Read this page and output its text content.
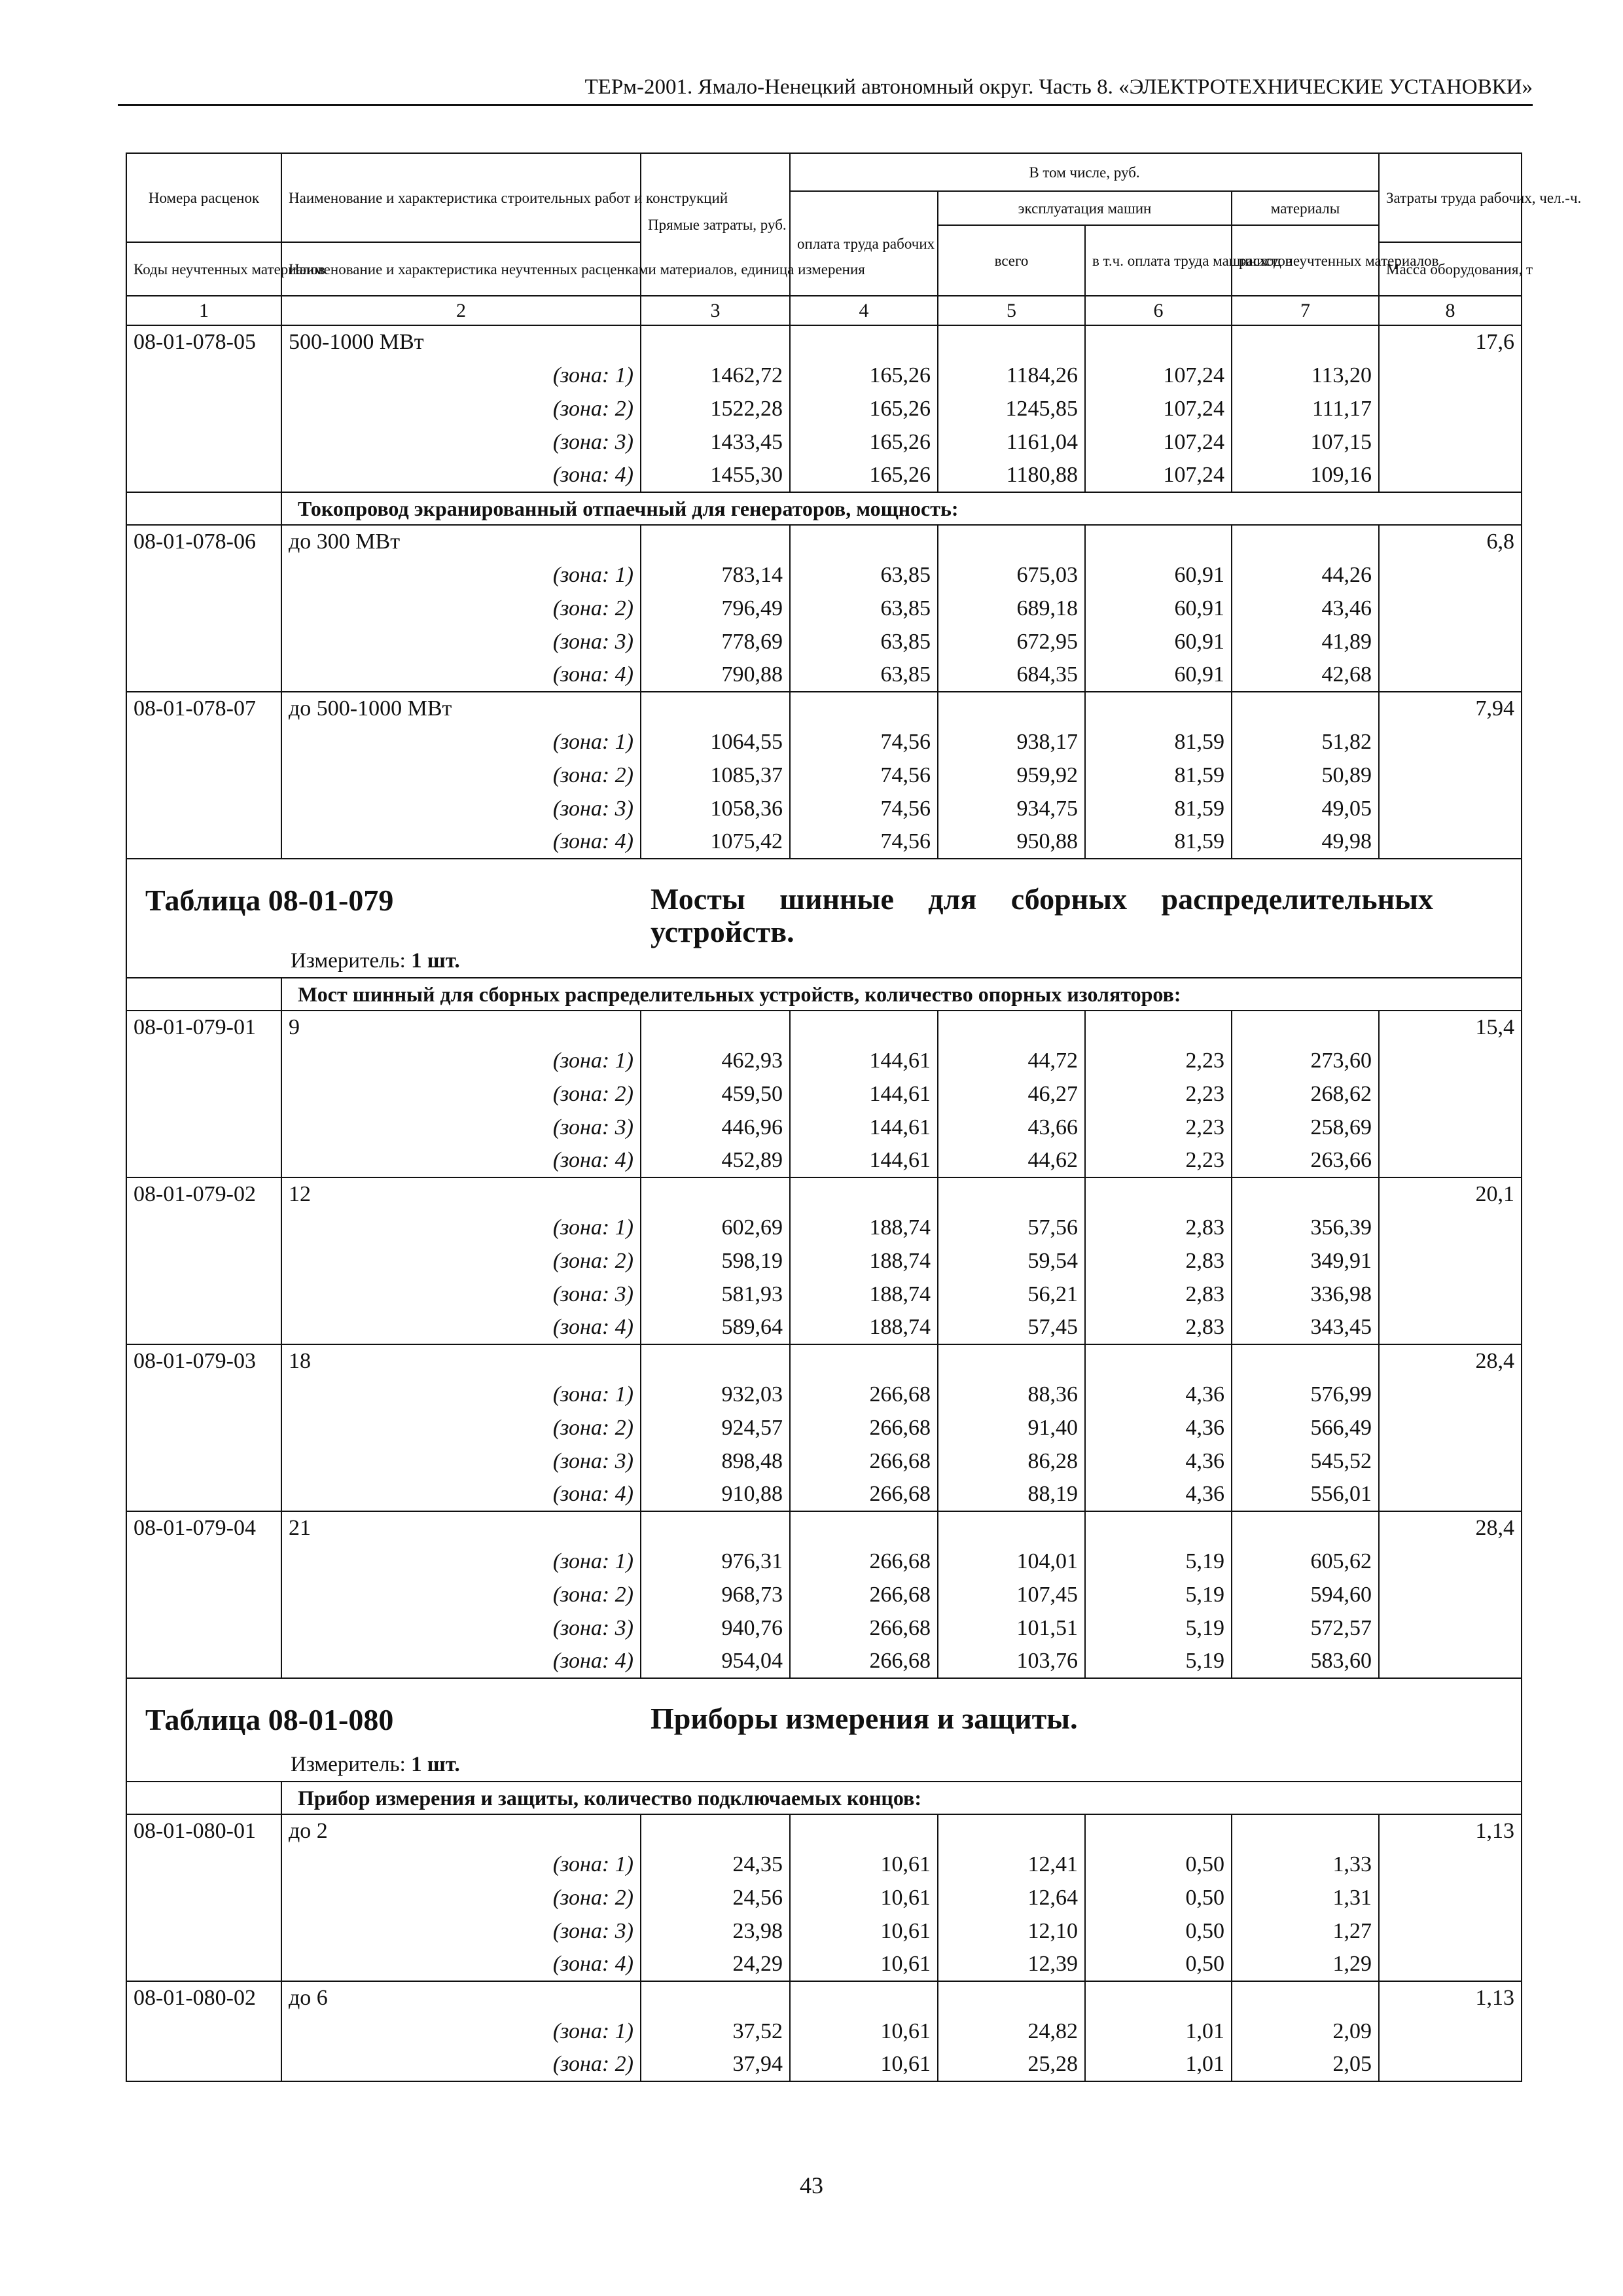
ТЕРм-2001. Ямало-Ненецкий автономный округ. Часть 8. «ЭЛЕКТРОТЕХНИЧЕСКИЕ УСТАНОВКИ»
Номера расценок	Наименование и характеристика строительных работ и конструкций	Прямые затраты, руб.	В том числе, руб.				Затраты труда рабочих, чел.-ч.
			оплата труда рабочих	эксплуатация машин		материалы	
				всего	в т.ч. оплата труда машинистов	расход неучтенных материалов	
Коды неучтенных материалов	Наименование и характеристика неучтенных расценками материалов, единица измерения						Масса оборудования, т
1	2	3	4	5	6	7	8
08-01-078-05	500-1000 МВт						17,6
	(зона: 1)	1462,72	165,26	1184,26	107,24	113,20	
	(зона: 2)	1522,28	165,26	1245,85	107,24	111,17	
	(зона: 3)	1433,45	165,26	1161,04	107,24	107,15	
	(зона: 4)	1455,30	165,26	1180,88	107,24	109,16	
	Токопровод экранированный отпаечный для генераторов, мощность:						
08-01-078-06	до 300 МВт						6,8
	(зона: 1)	783,14	63,85	675,03	60,91	44,26	
	(зона: 2)	796,49	63,85	689,18	60,91	43,46	
	(зона: 3)	778,69	63,85	672,95	60,91	41,89	
	(зона: 4)	790,88	63,85	684,35	60,91	42,68	
08-01-078-07	до 500-1000 МВт						7,94
	(зона: 1)	1064,55	74,56	938,17	81,59	51,82	
	(зона: 2)	1085,37	74,56	959,92	81,59	50,89	
	(зона: 3)	1058,36	74,56	934,75	81,59	49,05	
	(зона: 4)	1075,42	74,56	950,88	81,59	49,98	

Таблица 08-01-079 Мосты шинные для сборных распределительных устройств.
Измеритель: 1 шт.							

	Мост шинный для сборных распределительных устройств, количество опорных изоляторов:						
08-01-079-01	9						15,4
	(зона: 1)	462,93	144,61	44,72	2,23	273,60	
	(зона: 2)	459,50	144,61	46,27	2,23	268,62	
	(зона: 3)	446,96	144,61	43,66	2,23	258,69	
	(зона: 4)	452,89	144,61	44,62	2,23	263,66	
08-01-079-02	12						20,1
	(зона: 1)	602,69	188,74	57,56	2,83	356,39	
	(зона: 2)	598,19	188,74	59,54	2,83	349,91	
	(зона: 3)	581,93	188,74	56,21	2,83	336,98	
	(зона: 4)	589,64	188,74	57,45	2,83	343,45	
08-01-079-03	18						28,4
	(зона: 1)	932,03	266,68	88,36	4,36	576,99	
	(зона: 2)	924,57	266,68	91,40	4,36	566,49	
	(зона: 3)	898,48	266,68	86,28	4,36	545,52	
	(зона: 4)	910,88	266,68	88,19	4,36	556,01	
08-01-079-04	21						28,4
	(зона: 1)	976,31	266,68	104,01	5,19	605,62	
	(зона: 2)	968,73	266,68	107,45	5,19	594,60	
	(зона: 3)	940,76	266,68	101,51	5,19	572,57	
	(зона: 4)	954,04	266,68	103,76	5,19	583,60	

Таблица 08-01-080 Приборы измерения и защиты.
Измеритель: 1 шт.							

	Прибор измерения и защиты, количество подключаемых концов:						
08-01-080-01	до 2						1,13
	(зона: 1)	24,35	10,61	12,41	0,50	1,33	
	(зона: 2)	24,56	10,61	12,64	0,50	1,31	
	(зона: 3)	23,98	10,61	12,10	0,50	1,27	
	(зона: 4)	24,29	10,61	12,39	0,50	1,29	
08-01-080-02	до 6						1,13
	(зона: 1)	37,52	10,61	24,82	1,01	2,09	
	(зона: 2)	37,94	10,61	25,28	1,01	2,05	
43
